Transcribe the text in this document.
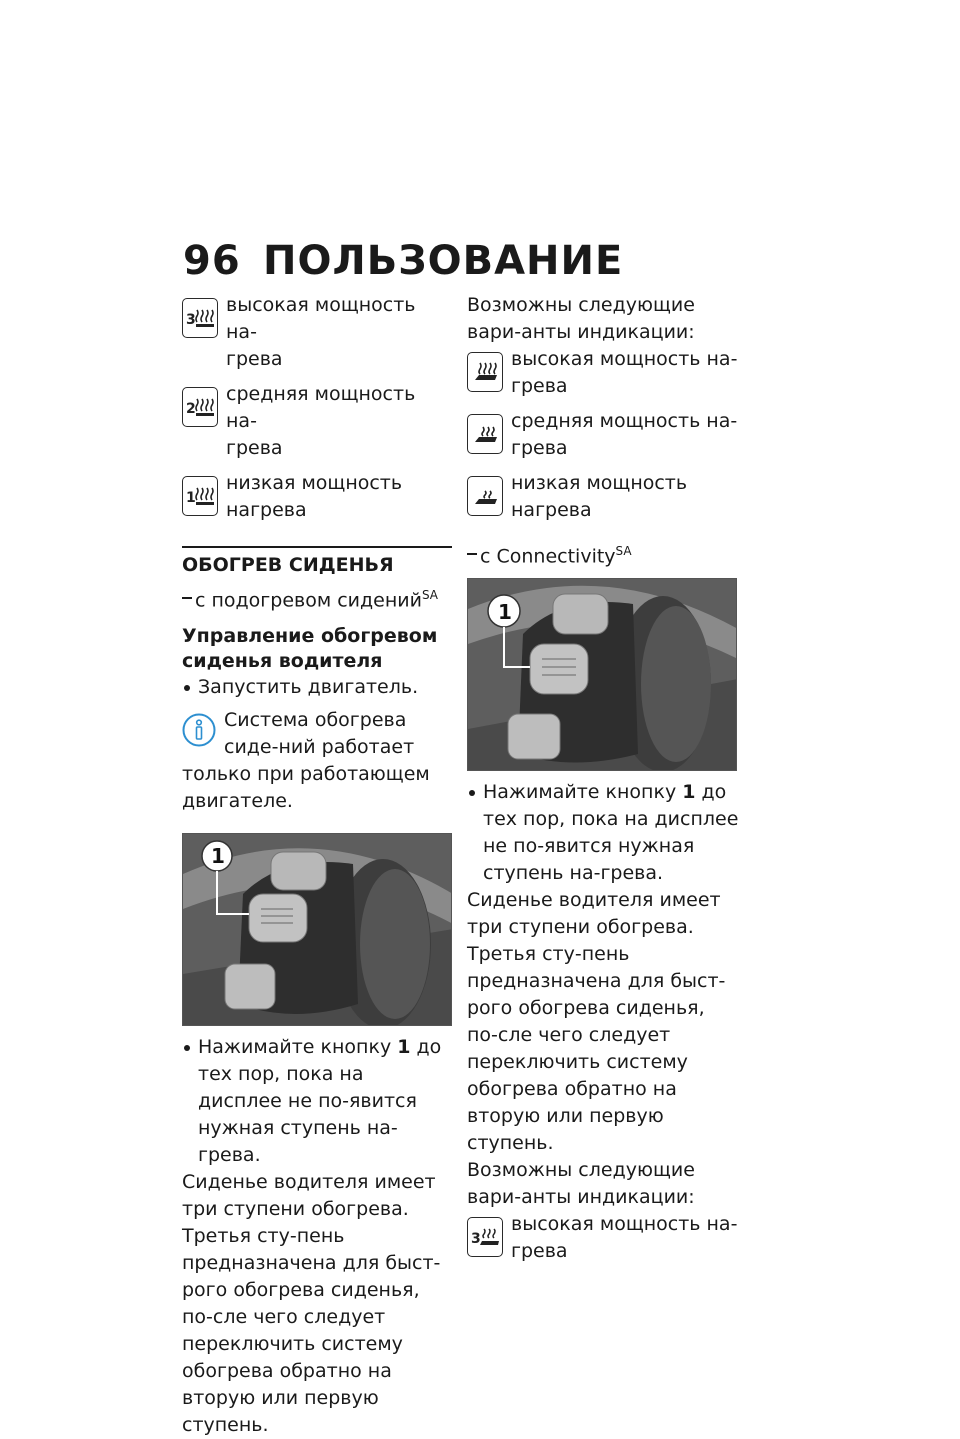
96 ПОЛЬЗОВАНИЕ
3
высокая мощность на-
грева
2
средняя мощность на-
грева
1
низкая мощность нагрева
ОБОГРЕВ СИДЕНЬЯ
с подогревом сидений$^{SA}$
Управление обогревом сиденья водителя
Запустить двигатель.
Система обогрева сиде-ний работает только при работающем двигателе.
1
Нажимайте кнопку 1 до тех пор, пока на дисплее не по-явится нужная ступень на-грева.
Сиденье водителя имеет три ступени обогрева. Третья сту-пень предназначена для быст-рого обогрева сиденья, по-сле чего следует переключить систему обогрева обратно на вторую или первую ступень.
Возможны следующие вари-анты индикации:
высокая мощность на-
грева
средняя мощность на-
грева
низкая мощность нагрева
с Connectivity$^{SA}$
1
Нажимайте кнопку 1 до тех пор, пока на дисплее не по-явится нужная ступень на-грева.
Сиденье водителя имеет три ступени обогрева. Третья сту-пень предназначена для быст-рого обогрева сиденья, по-сле чего следует переключить систему обогрева обратно на вторую или первую ступень.
Возможны следующие вари-анты индикации:
3
высокая мощность на-
грева
